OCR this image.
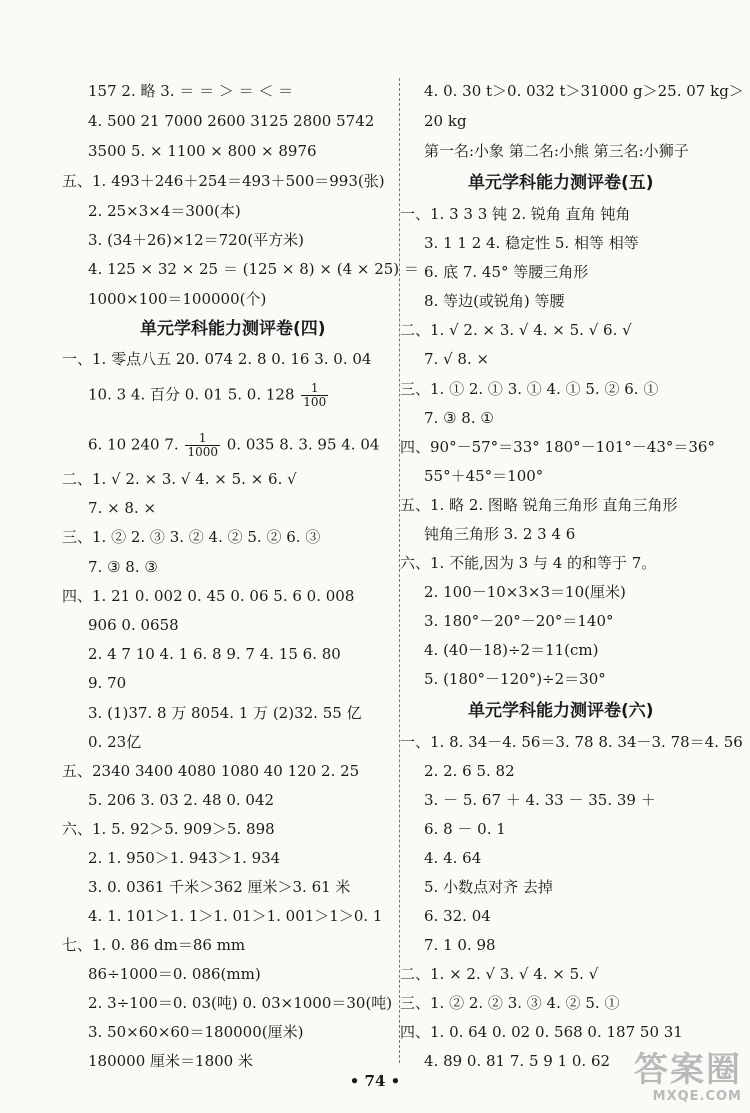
157 2. 略 3. ＝ ＝ ＞ ＝ ＜ ＝
4. 500 21 7000 2600 3125 2800 5742
3500 5. × 1100 × 800 × 8976
五、1. 493＋246＋254＝493＋500＝993(张)
2. 25×3×4＝300(本)
3. (34＋26)×12＝720(平方米)
4. 125 × 32 × 25 ＝ (125 × 8) × (4 × 25) ＝
1000×100＝100000(个)
单元学科能力测评卷(四)
一、1. 零点八五 20. 074 2. 8 0. 16 3. 0. 04
10. 3 4. 百分 0. 01 5. 0. $128 \frac{1}{100}$
6. 10 240 7. $\frac{1}{1000} 0$. 035 8. 3. 95 4. 04
二、1. √ 2. × 3. √ 4. × 5. × 6. √
7. × 8. ×
三、1. ② 2. ③ 3. ② 4. ② 5. ② 6. ③
7. ③ 8. ③
四、1. 21 0. 002 0. 45 0. 06 5. 6 0. 008
906 0. 0658
2. 4 7 10 4. 1 6. 8 9. 7 4. 15 6. 80
9. 70
3. (1)37. 8 万 8054. 1 万 (2)32. 55 亿
0. 23亿
五、2340 3400 4080 1080 40 120 2. 25
5. 206 3. 03 2. 48 0. 042
六、1. 5. 92＞5. 909＞5. 898
2. 1. 950＞1. 943＞1. 934
3. 0. 0361 千米＞362 厘米＞3. 61 米
4. 1. 101＞1. 1＞1. 01＞1. 001＞1＞0. 1
七、1. 0. 86 dm＝86 mm
86÷1000＝0. 086(mm)
2. 3÷100＝0. 03(吨) 0. 03×1000＝30(吨)
3. 50×60×60＝180000(厘米)
180000 厘米＝1800 米
4. 0. 30 t＞0. 032 t＞31000 g＞25. 07 kg＞
20 kg
第一名:小象 第二名:小熊 第三名:小狮子
单元学科能力测评卷(五)
一、1. 3 3 3 钝 2. 锐角 直角 钝角
3. 1 1 2 4. 稳定性 5. 相等 相等
6. 底 7. 45° 等腰三角形
8. 等边(或锐角) 等腰
二、1. √ 2. × 3. √ 4. × 5. √ 6. √
7. √ 8. ×
三、1. ① 2. ① 3. ① 4. ① 5. ② 6. ①
7. ③ 8. ①
四、90°－57°＝33° 180°－101°－43°＝36°
55°＋45°＝100°
五、1. 略 2. 图略 锐角三角形 直角三角形
钝角三角形 3. 2 3 4 6
六、1. 不能,因为 3 与 4 的和等于 7。
2. 100－10×3×3＝10(厘米)
3. 180°－20°－20°＝140°
4. (40－18)÷2＝11(cm)
5. (180°－120°)÷2＝30°
单元学科能力测评卷(六)
一、1. 8. 34－4. 56＝3. 78 8. 34－3. 78＝4. 56
2. 2. 6 5. 82
3. － 5. 67 ＋ 4. 33 － 35. 39 ＋
6. 8 － 0. 1
4. 4. 64
5. 小数点对齐 去掉
6. 32. 04
7. 1 0. 98
二、1. × 2. √ 3. √ 4. × 5. √
三、1. ② 2. ② 3. ③ 4. ② 5. ①
四、1. 0. 64 0. 02 0. 568 0. 187 50 31
4. 89 0. 81 7. 5 9 1 0. 62
• 74 •	答案圈
MXQE.COM
